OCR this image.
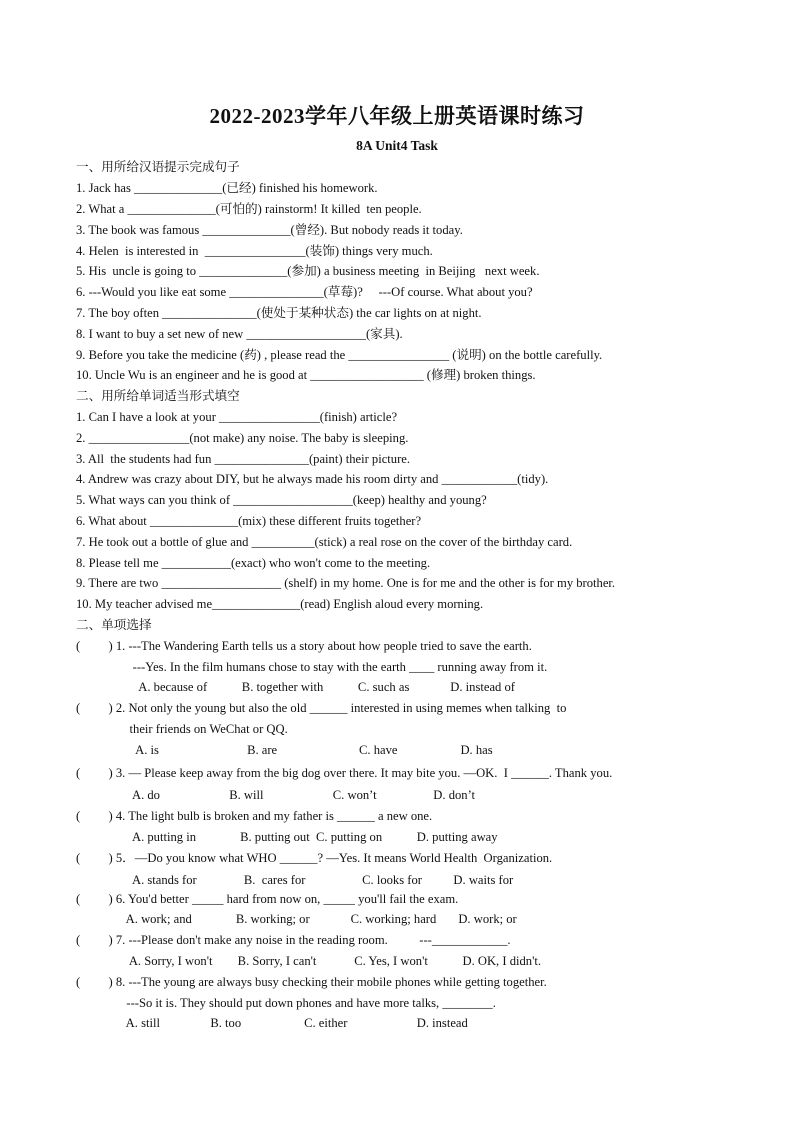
2022-2023学年八年级上册英语课时练习
8A Unit4 Task
一、用所给汉语提示完成句子
1. Jack has ______________(已经) finished his homework.
2. What a ______________(可怕的) rainstorm! It killed  ten people.
3. The book was famous ______________(曾经). But nobody reads it today.
4. Helen  is interested in  ________________(装饰) things very much.
5. His  uncle is going to ______________(参加) a business meeting  in Beijing   next week.
6. ---Would you like eat some _______________(草莓)?     ---Of course. What about you?
7. The boy often _______________(使处于某种状态) the car lights on at night.
8. I want to buy a set new of new ___________________(家具).
9. Before you take the medicine (药) , please read the ________________ (说明) on the bottle carefully.
10. Uncle Wu is an engineer and he is good at __________________ (修理) broken things.
二、用所给单词适当形式填空
1. Can I have a look at your ________________(finish) article?
2. ________________(not make) any noise. The baby is sleeping.
3. All  the students had fun _______________(paint) their picture.
4. Andrew was crazy about DIY, but he always made his room dirty and ____________(tidy).
5. What ways can you think of ___________________(keep) healthy and young?
6. What about ______________(mix) these different fruits together?
7. He took out a bottle of glue and __________(stick) a real rose on the cover of the birthday card.
8. Please tell me ___________(exact) who won't come to the meeting.
9. There are two ___________________ (shelf) in my home. One is for me and the other is for my brother.
10. My teacher advised me______________(read) English aloud every morning.
二、单项选择
(         ) 1. ---The Wandering Earth tells us a story about how people tried to save the earth.
---Yes. In the film humans chose to stay with the earth ____ running away from it.
A. because of           B. together with           C. such as             D. instead of
(         ) 2. Not only the young but also the old ______ interested in using memes when talking  to
their friends on WeChat or QQ.
A. is                            B. are                          C. have                    D. has
(         ) 3. — Please keep away from the big dog over there. It may bite you. —OK.  I ______. Thank you.
A. do                      B. will                      C. won’t                  D. don’t
(         ) 4. The light bulb is broken and my father is ______ a new one.
A. putting in              B. putting out  C. putting on           D. putting away
(         ) 5．—Do you know what WHO ______? —Yes. It means World Health  Organization.
A. stands for               B.  cares for                  C. looks for          D. waits for
(         ) 6. You'd better _____ hard from now on, _____ you'll fail the exam.
A. work; and              B. working; or             C. working; hard       D. work; or
(         ) 7. ---Please don't make any noise in the reading room.          ---____________.
A. Sorry, I won't        B. Sorry, I can't            C. Yes, I won't           D. OK, I didn't.
(         ) 8. ---The young are always busy checking their mobile phones while getting together.
---So it is. They should put down phones and have more talks, ________.
A. still                B. too                    C. either                      D. instead
